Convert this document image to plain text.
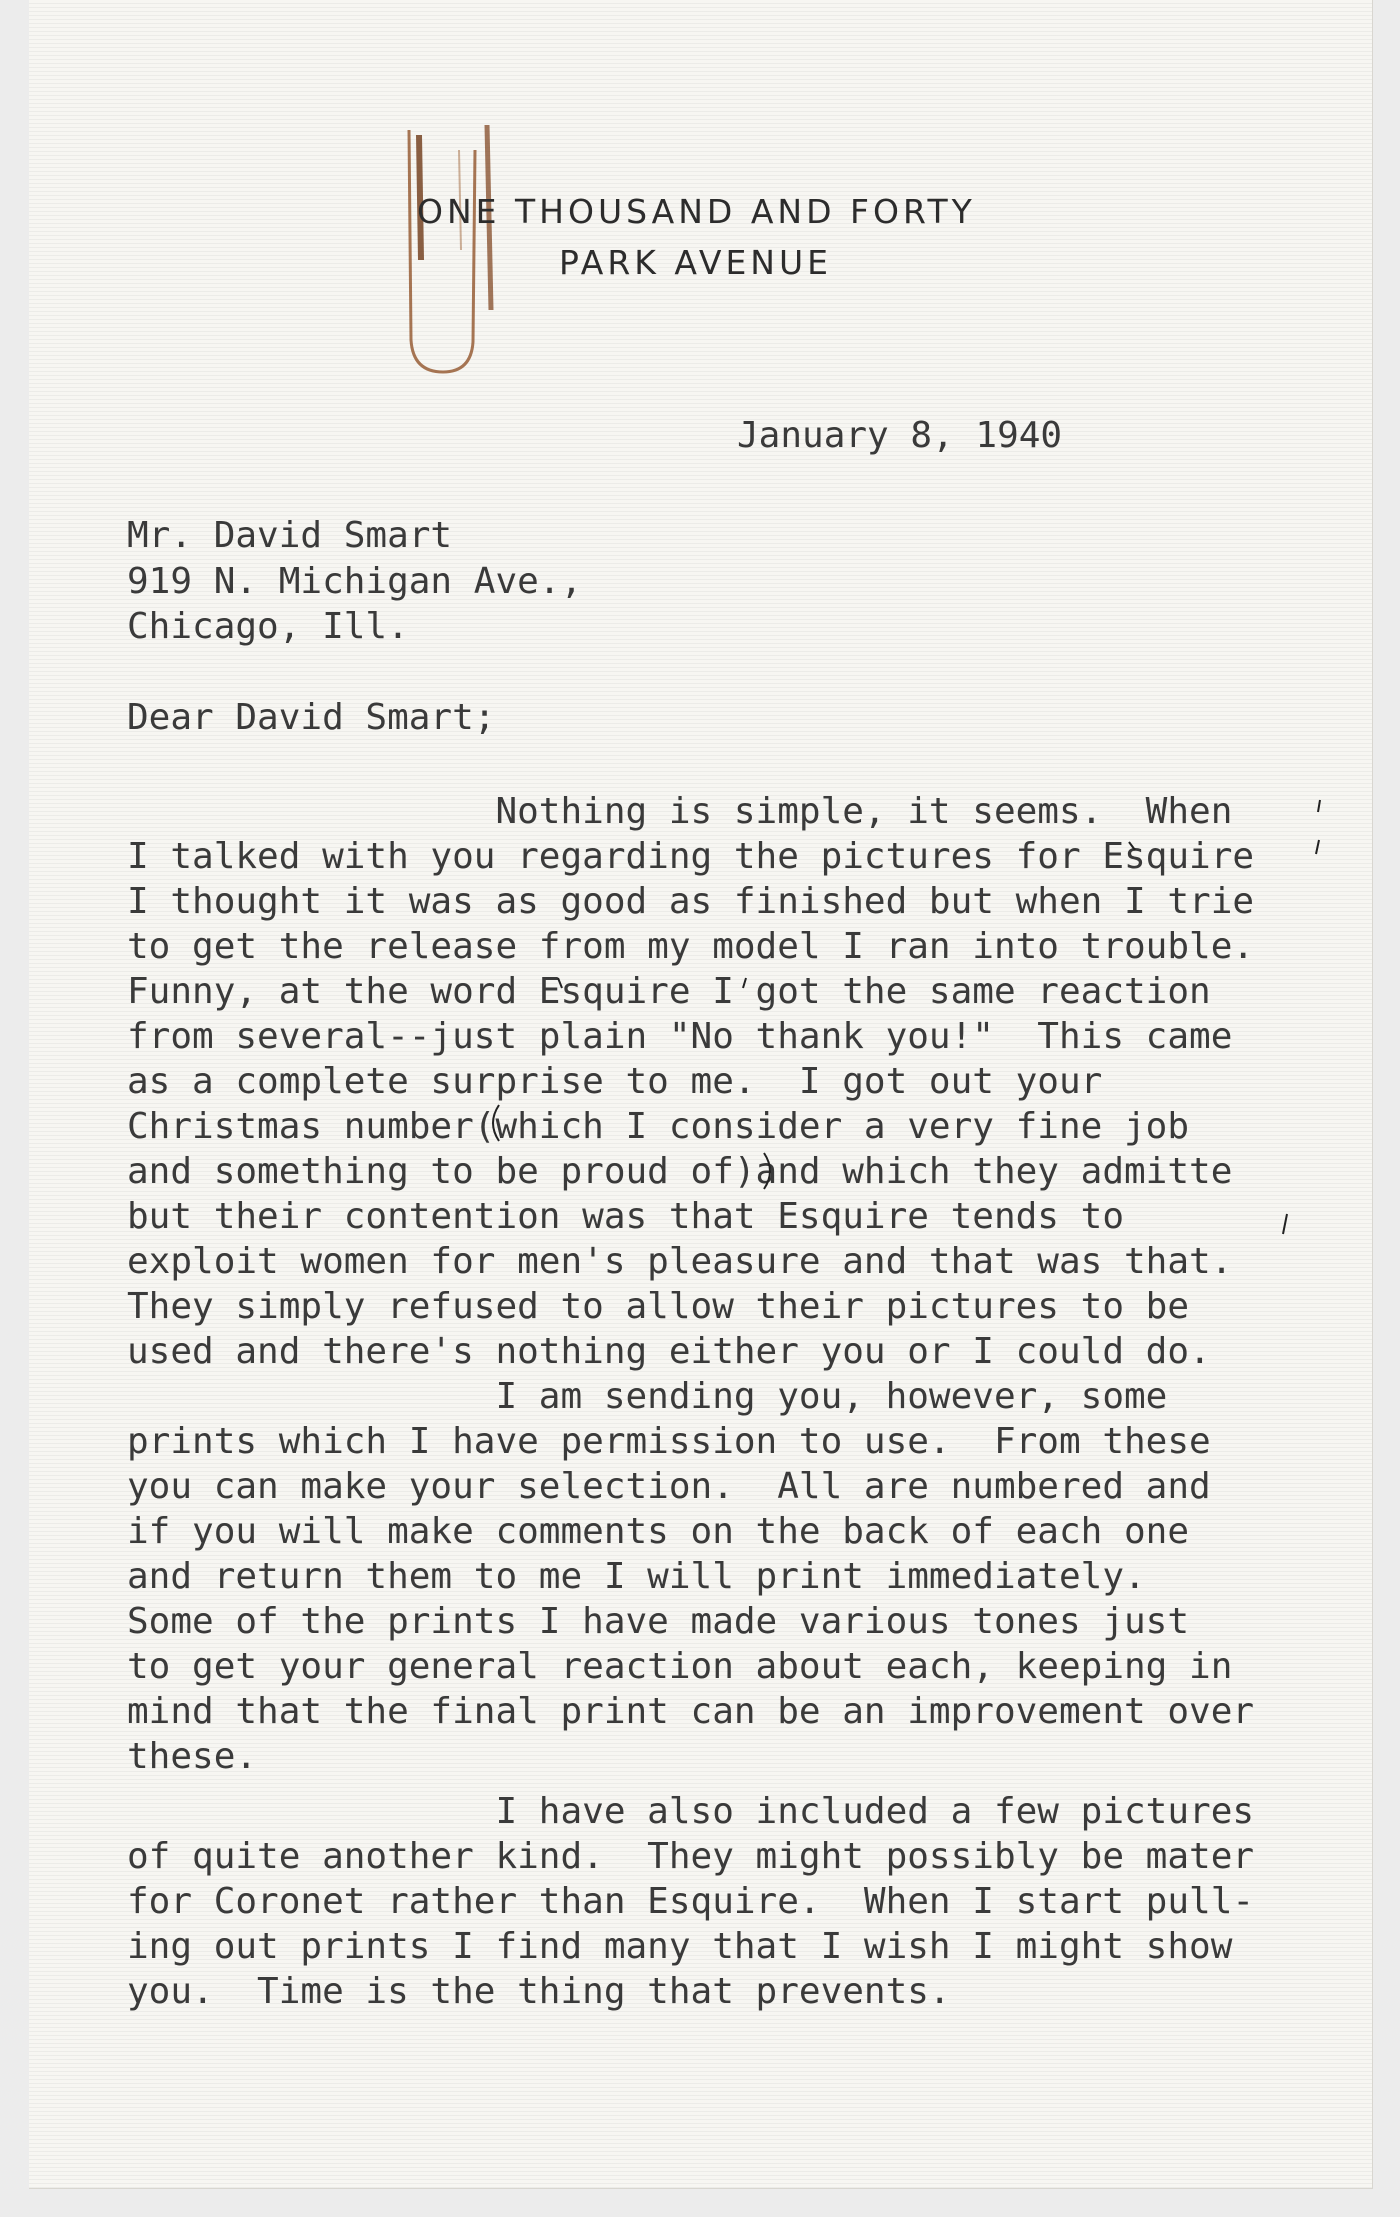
ONE THOUSAND AND FORTY
PARK AVENUE
January 8, 1940
Mr. David Smart
919 N. Michigan Ave.,
Chicago, Ill.
Dear David Smart;
Nothing is simple, it seems.  When
I talked with you regarding the pictures for Esquire
I thought it was as good as finished but when I trie
to get the release from my model I ran into trouble.
Funny, at the word Esquire I got the same reaction
from several--just plain "No thank you!"  This came
as a complete surprise to me.  I got out your
Christmas number(which I consider a very fine job
and something to be proud of)and which they admitte
but their contention was that Esquire tends to
exploit women for men's pleasure and that was that.
They simply refused to allow their pictures to be
used and there's nothing either you or I could do.
I am sending you, however, some
prints which I have permission to use.  From these
you can make your selection.  All are numbered and
if you will make comments on the back of each one
and return them to me I will print immediately.
Some of the prints I have made various tones just
to get your general reaction about each, keeping in
mind that the final print can be an improvement over
these.
I have also included a few pictures
of quite another kind.  They might possibly be mater
for Coronet rather than Esquire.  When I start pull-
ing out prints I find many that I wish I might show
you.  Time is the thing that prevents.
